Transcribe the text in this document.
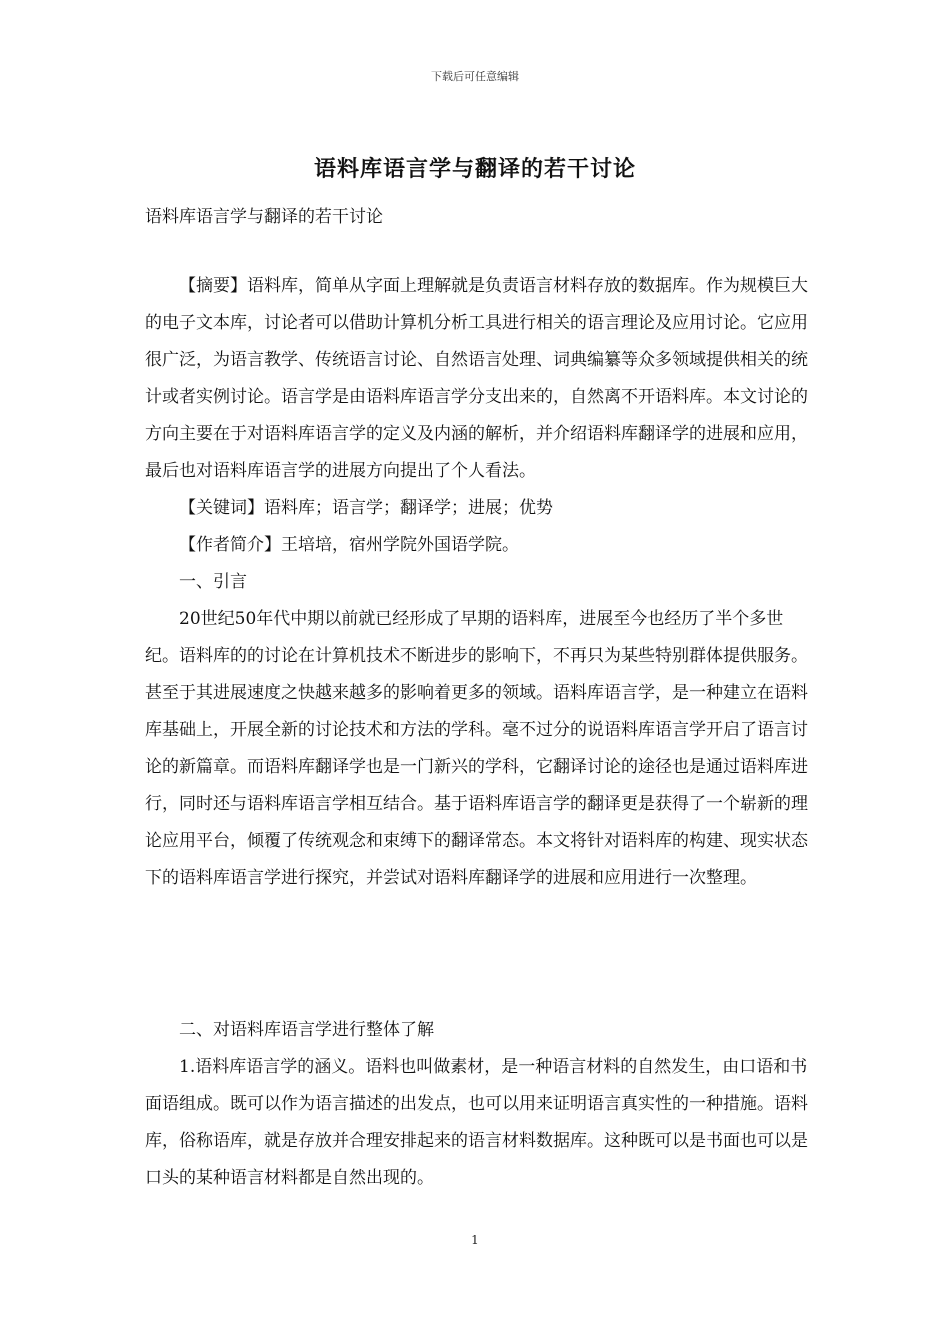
下载后可任意编辑
语料库语言学与翻译的若干讨论
语料库语言学与翻译的若干讨论

【摘要】语料库，简单从字面上理解就是负责语言材料存放的数据库。作为规模巨大的电子文本库，讨论者可以借助计算机分析工具进行相关的语言理论及应用讨论。它应用很广泛，为语言教学、传统语言讨论、自然语言处理、词典编纂等众多领域提供相关的统计或者实例讨论。语言学是由语料库语言学分支出来的，自然离不开语料库。本文讨论的方向主要在于对语料库语言学的定义及内涵的解析，并介绍语料库翻译学的进展和应用，最后也对语料库语言学的进展方向提出了个人看法。

【关键词】语料库；语言学；翻译学；进展；优势

【作者简介】王培培，宿州学院外国语学院。

一、引言

20世纪50年代中期以前就已经形成了早期的语料库，进展至今也经历了半个多世纪。语料库的的讨论在计算机技术不断进步的影响下，不再只为某些特别群体提供服务。甚至于其进展速度之快越来越多的影响着更多的领域。语料库语言学，是一种建立在语料库基础上，开展全新的讨论技术和方法的学科。毫不过分的说语料库语言学开启了语言讨论的新篇章。而语料库翻译学也是一门新兴的学科，它翻译讨论的途径也是通过语料库进行，同时还与语料库语言学相互结合。基于语料库语言学的翻译更是获得了一个崭新的理论应用平台，倾覆了传统观念和束缚下的翻译常态。本文将针对语料库的构建、现实状态下的语料库语言学进行探究，并尝试对语料库翻译学的进展和应用进行一次整理。

二、对语料库语言学进行整体了解

1.语料库语言学的涵义。语料也叫做素材，是一种语言材料的自然发生，由口语和书面语组成。既可以作为语言描述的出发点，也可以用来证明语言真实性的一种措施。语料库，俗称语库，就是存放并合理安排起来的语言材料数据库。这种既可以是书面也可以是口头的某种语言材料都是自然出现的。

1
